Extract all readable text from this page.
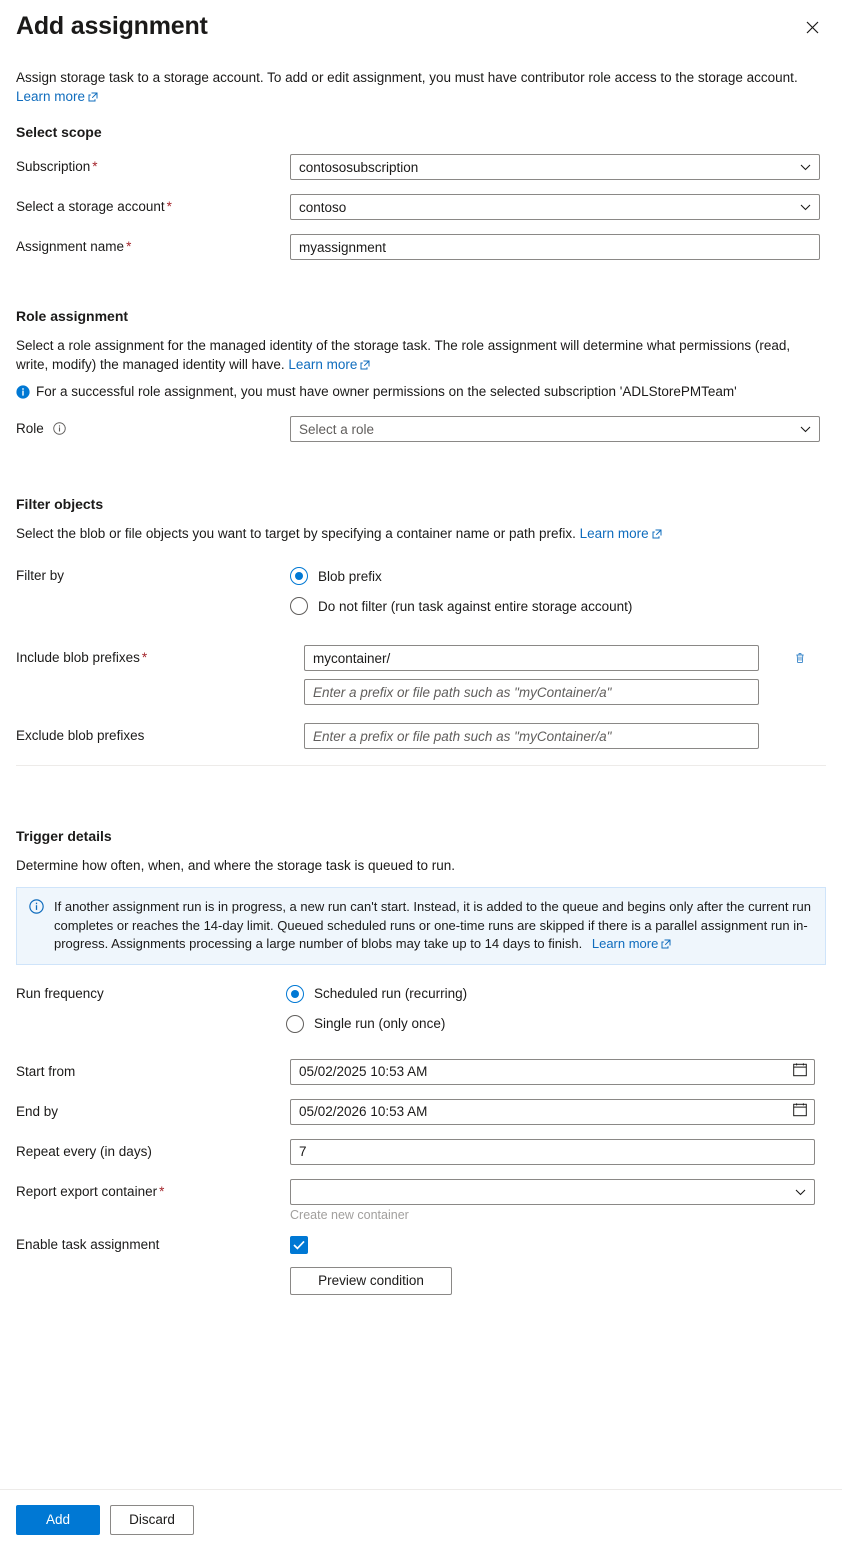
Add assignment
Assign storage task to a storage account. To add or edit assignment, you must have contributor role access to the storage account. Learn more
Select scope
Subscription *
contososubscription
Select a storage account *
contoso
Assignment name *
myassignment
Role assignment
Select a role assignment for the managed identity of the storage task. The role assignment will determine what permissions (read, write, modify) the managed identity will have. Learn more
For a successful role assignment, you must have owner permissions on the selected subscription 'ADLStorePMTeam'
Role
Select a role
Filter objects
Select the blob or file objects you want to target by specifying a container name or path prefix. Learn more
Filter by	Blob prefix
Do not filter (run task against entire storage account)
Include blob prefixes *
mycontainer/
Enter a prefix or file path such as "myContainer/a"
Exclude blob prefixes
Enter a prefix or file path such as "myContainer/a"
Trigger details
Determine how often, when, and where the storage task is queued to run.
If another assignment run is in progress, a new run can't start. Instead, it is added to the queue and begins only after the current run completes or reaches the 14-day limit. Queued scheduled runs or one-time runs are skipped if there is a parallel assignment run in-progress. Assignments processing a large number of blobs may take up to 14 days to finish. Learn more
Run frequency	Scheduled run (recurring)
Single run (only once)
Start from
05/02/2025 10:53 AM
End by
05/02/2026 10:53 AM
Repeat every (in days)
7
Report export container *
Create new container
Enable task assignment
Preview condition
Add	Discard
